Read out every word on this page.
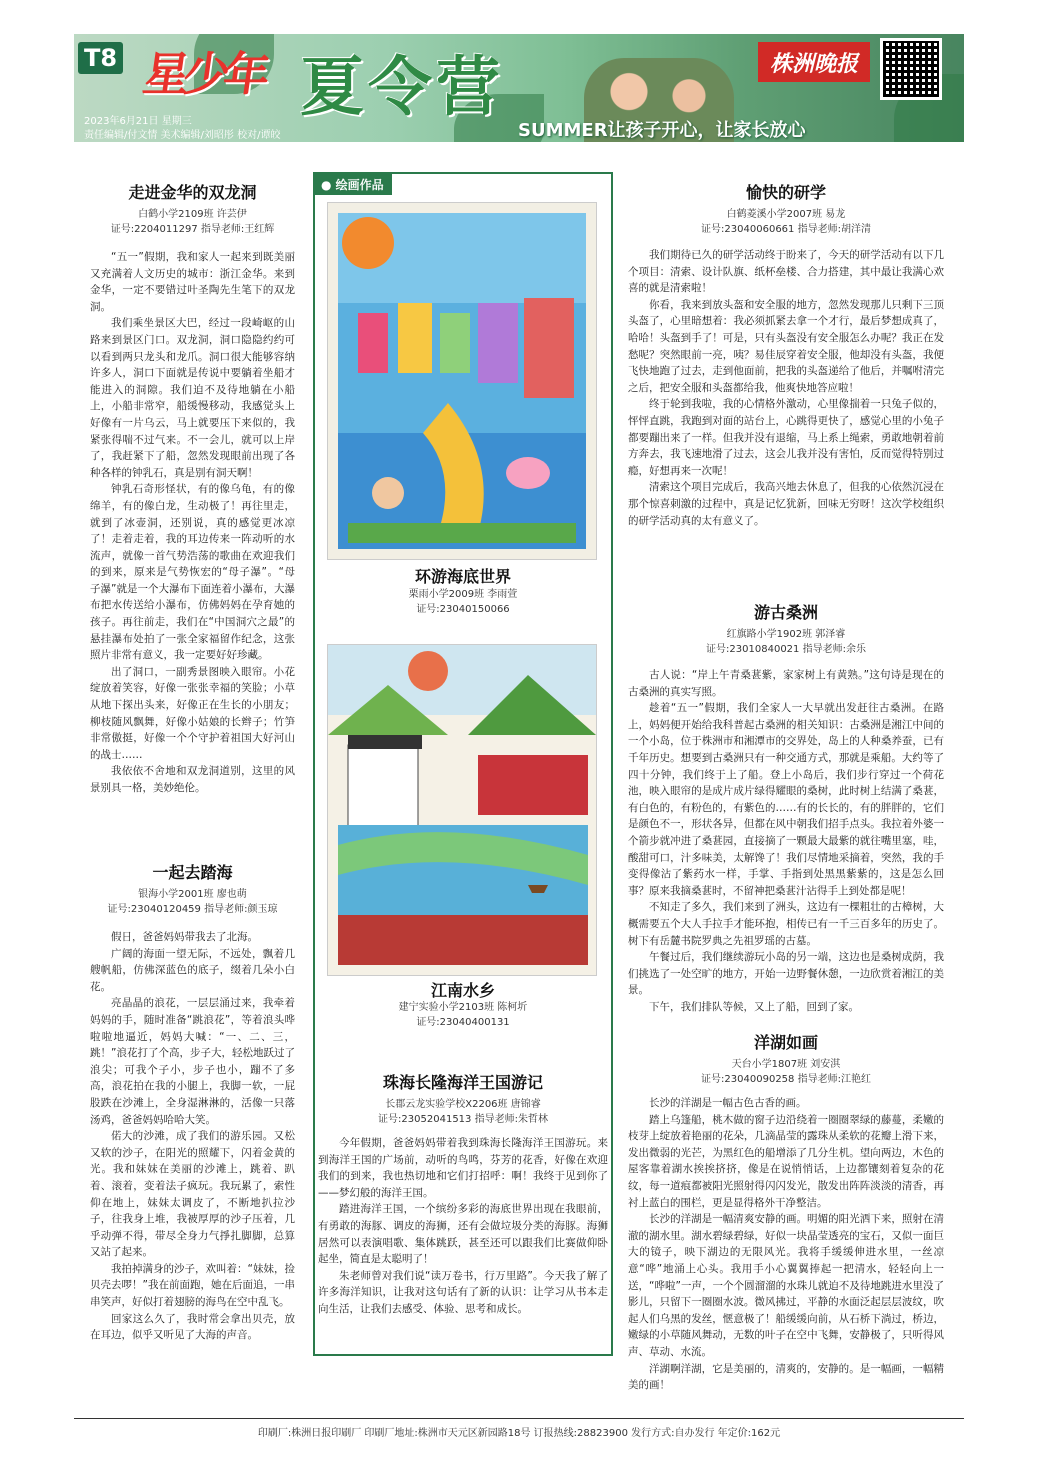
T8 星少年 夏令营	株洲晚报
SUMMER让孩子开心，让家长放心
2023年6月21日 星期三
责任编辑/付文情 美术编辑/刘昭彤 校对/谭皎
走进金华的双龙洞
白鹤小学2109班 许芸伊
证号:2204011297 指导老师:王红辉

“五一”假期，我和家人一起来到既美丽又充满着人文历史的城市：浙江金华。来到金华，一定不要错过叶圣陶先生笔下的双龙洞。

我们乘坐景区大巴，经过一段崎岖的山路来到景区门口。双龙洞，洞口隐隐约约可以看到两只龙头和龙爪。洞口很大能够容纳许多人，洞口下面就是传说中要躺着坐船才能进入的洞隙。我们迫不及待地躺在小船上，小船非常窄，船缓慢移动，我感觉头上好像有一片乌云，马上就要压下来似的，我紧张得喘不过气来。不一会儿，就可以上岸了，我赶紧下了船，忽然发现眼前出现了各种各样的钟乳石，真是别有洞天啊！

钟乳石奇形怪状，有的像乌龟，有的像绵羊，有的像白龙，生动极了！再往里走，就到了冰壶洞，还别说，真的感觉更冰凉了！走着走着，我的耳边传来一阵动听的水流声，就像一首气势浩荡的歌曲在欢迎我们的到来，原来是气势恢宏的“母子瀑”。“母子瀑”就是一个大瀑布下面连着小瀑布，大瀑布把水传送给小瀑布，仿佛妈妈在孕育她的孩子。再往前走，我们在“中国洞穴之最”的悬挂瀑布处拍了一张全家福留作纪念，这张照片非常有意义，我一定要好好珍藏。

出了洞口，一副秀景图映入眼帘。小花绽放着笑容，好像一张张幸福的笑脸；小草从地下探出头来，好像正在生长的小朋友；柳枝随风飘舞，好像小姑娘的长辫子；竹笋非常傲挺，好像一个个守护着祖国大好河山的战士……

我依依不舍地和双龙洞道别，这里的风景别具一格，美妙绝伦。

一起去踏海
银海小学2001班 廖也萌
证号:23040120459 指导老师:颜玉琼

假日，爸爸妈妈带我去了北海。

广阔的海面一望无际，不远处，飘着几艘帆船，仿佛深蓝色的底子，缀着几朵小白花。

亮晶晶的浪花，一层层涌过来，我牵着妈妈的手，随时准备“跳浪花”，等着浪头哗啦啦地逼近，妈妈大喊：“一、二、三，跳！”浪花打了个高，步子大，轻松地跃过了浪尖；可我个子小，步子也小，蹦不了多高，浪花拍在我的小腿上，我脚一软，一屁股跌在沙滩上，全身湿淋淋的，活像一只落汤鸡，爸爸妈妈哈哈大笑。

偌大的沙滩，成了我们的游乐园。又松又软的沙子，在阳光的照耀下，闪着金黄的光。我和妹妹在美丽的沙滩上，跳着、趴着、滚着，变着法子疯玩。我玩累了，索性仰在地上，妹妹太调皮了，不断地扒拉沙子，往我身上堆，我被厚厚的沙子压着，几乎动弹不得，带尽全身力气掙扎脚脚，总算又站了起来。

我拍掉满身的沙子，欢叫着：“妹妹，捡贝壳去啰！”我在前面跑，她在后面追，一串串笑声，好似打着翅膀的海鸟在空中乱飞。

回家这么久了，我时常会拿出贝壳，放在耳边，似乎又听见了大海的声音。

● 绘画作品
环游海底世界
栗雨小学2009班 李雨萱
证号:23040150066
江南水乡
建宁实验小学2103班 陈柯圻
证号:23040400131
珠海长隆海洋王国游记
长郡云龙实验学校X2206班 唐锦睿
证号:23052041513 指导老师:朱哲林

今年假期，爸爸妈妈带着我到珠海长隆海洋王国游玩。来到海洋王国的广场前，动听的鸟鸣，芬芳的花香，好像在欢迎我们的到来，我也热切地和它们打招呼：啊！我终于见到你了——梦幻般的海洋王国。

踏进海洋王国，一个缤纷多彩的海底世界出现在我眼前，有勇敢的海豚、调皮的海狮，还有会做垃圾分类的海豚。海狮居然可以表演唱歌、集体跳跃，甚至还可以跟我们比赛做仰卧起坐，简直是太聪明了！

朱老师曾对我们说“读万卷书，行万里路”。今天我了解了许多海洋知识，让我对这句话有了新的认识：让学习从书本走向生活，让我们去感受、体验、思考和成长。

愉快的研学
白鹤菱溪小学2007班 易龙
证号:23040060661 指导老师:胡洋清

我们期待已久的研学活动终于盼来了，今天的研学活动有以下几个项目：清索、设计队旗、纸杯垒楼、合力搭建，其中最让我满心欢喜的就是清索啦！

你看，我来到放头盔和安全服的地方，忽然发现那儿只剩下三顶头盔了，心里暗想着：我必须抓紧去拿一个才行，最后梦想成真了，哈哈！头盔到手了！可是，只有头盔没有安全服怎么办呢？我正在发愁呢？突然眼前一亮，咦？易佳辰穿着安全服，他却没有头盔，我便飞快地跑了过去，走到他面前，把我的头盔递给了他后，并嘱咐清完之后，把安全服和头盔都给我，他爽快地答应啦！

终于轮到我啦，我的心情格外激动，心里像揣着一只兔子似的，怦怦直跳，我跑到对面的站台上，心跳得更快了，感觉心里的小兔子都要蹦出来了一样。但我并没有退缩，马上系上绳索，勇敢地朝着前方奔去，我飞速地滑了过去，这会儿我并没有害怕，反而觉得特别过瘾，好想再来一次呢！

清索这个项目完成后，我高兴地去休息了，但我的心依然沉浸在那个惊喜刺激的过程中，真是记忆犹新，回味无穷呀！这次学校组织的研学活动真的太有意义了。

游古桑洲
红旗路小学1902班 郭泽睿
证号:23010840021 指导老师:余乐

古人说：“岸上午青桑葚紫，家家树上有黄熟。”这句诗是现在的古桑洲的真实写照。

趁着“五一”假期，我们全家人一大早就出发赶往古桑洲。在路上，妈妈便开始给我科普起古桑洲的相关知识：古桑洲是湘江中间的一个小岛，位于株洲市和湘潭市的交界处，岛上的人种桑养蚕，已有千年历史。想要到古桑洲只有一种交通方式，那就是乘船。大约等了四十分钟，我们终于上了船。登上小岛后，我们步行穿过一个荷花池，映入眼帘的是成片成片绿得耀眼的桑树，此时树上结满了桑葚，有白色的，有粉色的，有紫色的……有的长长的，有的胖胖的，它们是颜色不一，形状各异，但都在风中朝我们招手点头。我拉着外婆一个箭步就冲进了桑葚园，直接摘了一颗最大最紫的就往嘴里塞，哇，酸甜可口，汁多味美，太解馋了！我们尽情地采摘着，突然，我的手变得像沾了紫药水一样，手掌、手指到处黑黑紫紫的，这是怎么回事？原来我摘桑葚时，不留神把桑葚汁沾得手上到处都是呢！

不知走了多久，我们来到了洲头，这边有一棵粗壮的古樟树，大概需要五个大人手拉手才能环抱，相传已有一千三百多年的历史了。树下有岳麓书院罗典之先祖罗瑶的古墓。

午餐过后，我们继续游玩小岛的另一端，这边也是桑树成荫，我们挑选了一处空旷的地方，开始一边野餐休憩，一边欣赏着湘江的美景。

下午，我们排队等候，又上了船，回到了家。

洋湖如画
天台小学1807班 刘安淇
证号:23040090258 指导老师:江艳红

长沙的洋湖是一幅古色古香的画。

踏上乌篷船，桃木做的窗子边沿绕着一圈圈翠绿的藤蔓，柔嫩的枝芽上绽放着艳丽的花朵，几滴晶莹的露珠从柔软的花瓣上滑下来，发出微弱的光芒，为黑红色的船增添了几分生机。望向两边，木色的屋客靠着湖水挨挨挤挤，像是在说悄悄话，上边都镶刻着复杂的花纹，每一道痕都被阳光照射得闪闪发光，散发出阵阵淡淡的清香，再衬上蓝白的围栏，更是显得格外干净整洁。

长沙的洋湖是一幅清爽安静的画。明媚的阳光洒下来，照射在清澈的湖水里。湖水碧绿碧绿，好似一块晶莹透亮的宝石，又似一面巨大的镜子，映下湖边的无限风光。我将手缓缓伸进水里，一丝凉意“哗”地涌上心头。我用手小心翼翼捧起一把清水，轻轻向上一送，“哗啦”一声，一个个圆溜溜的水珠儿就迫不及待地跳进水里没了影儿，只留下一圈圈水波。微风拂过，平静的水面泛起层层波纹，吹起人们乌黑的发丝，惬意极了！船缓缓向前，从石桥下淌过，桥边，嫩绿的小草随风舞动，无数的叶子在空中飞舞，安静极了，只听得风声、草动、水流。

洋湖啊洋湖，它是美丽的，清爽的，安静的。是一幅画，一幅精美的画！

印刷厂:株洲日报印刷厂 印刷厂地址:株洲市天元区新园路18号 订报热线:28823900 发行方式:自办发行 年定价:162元
